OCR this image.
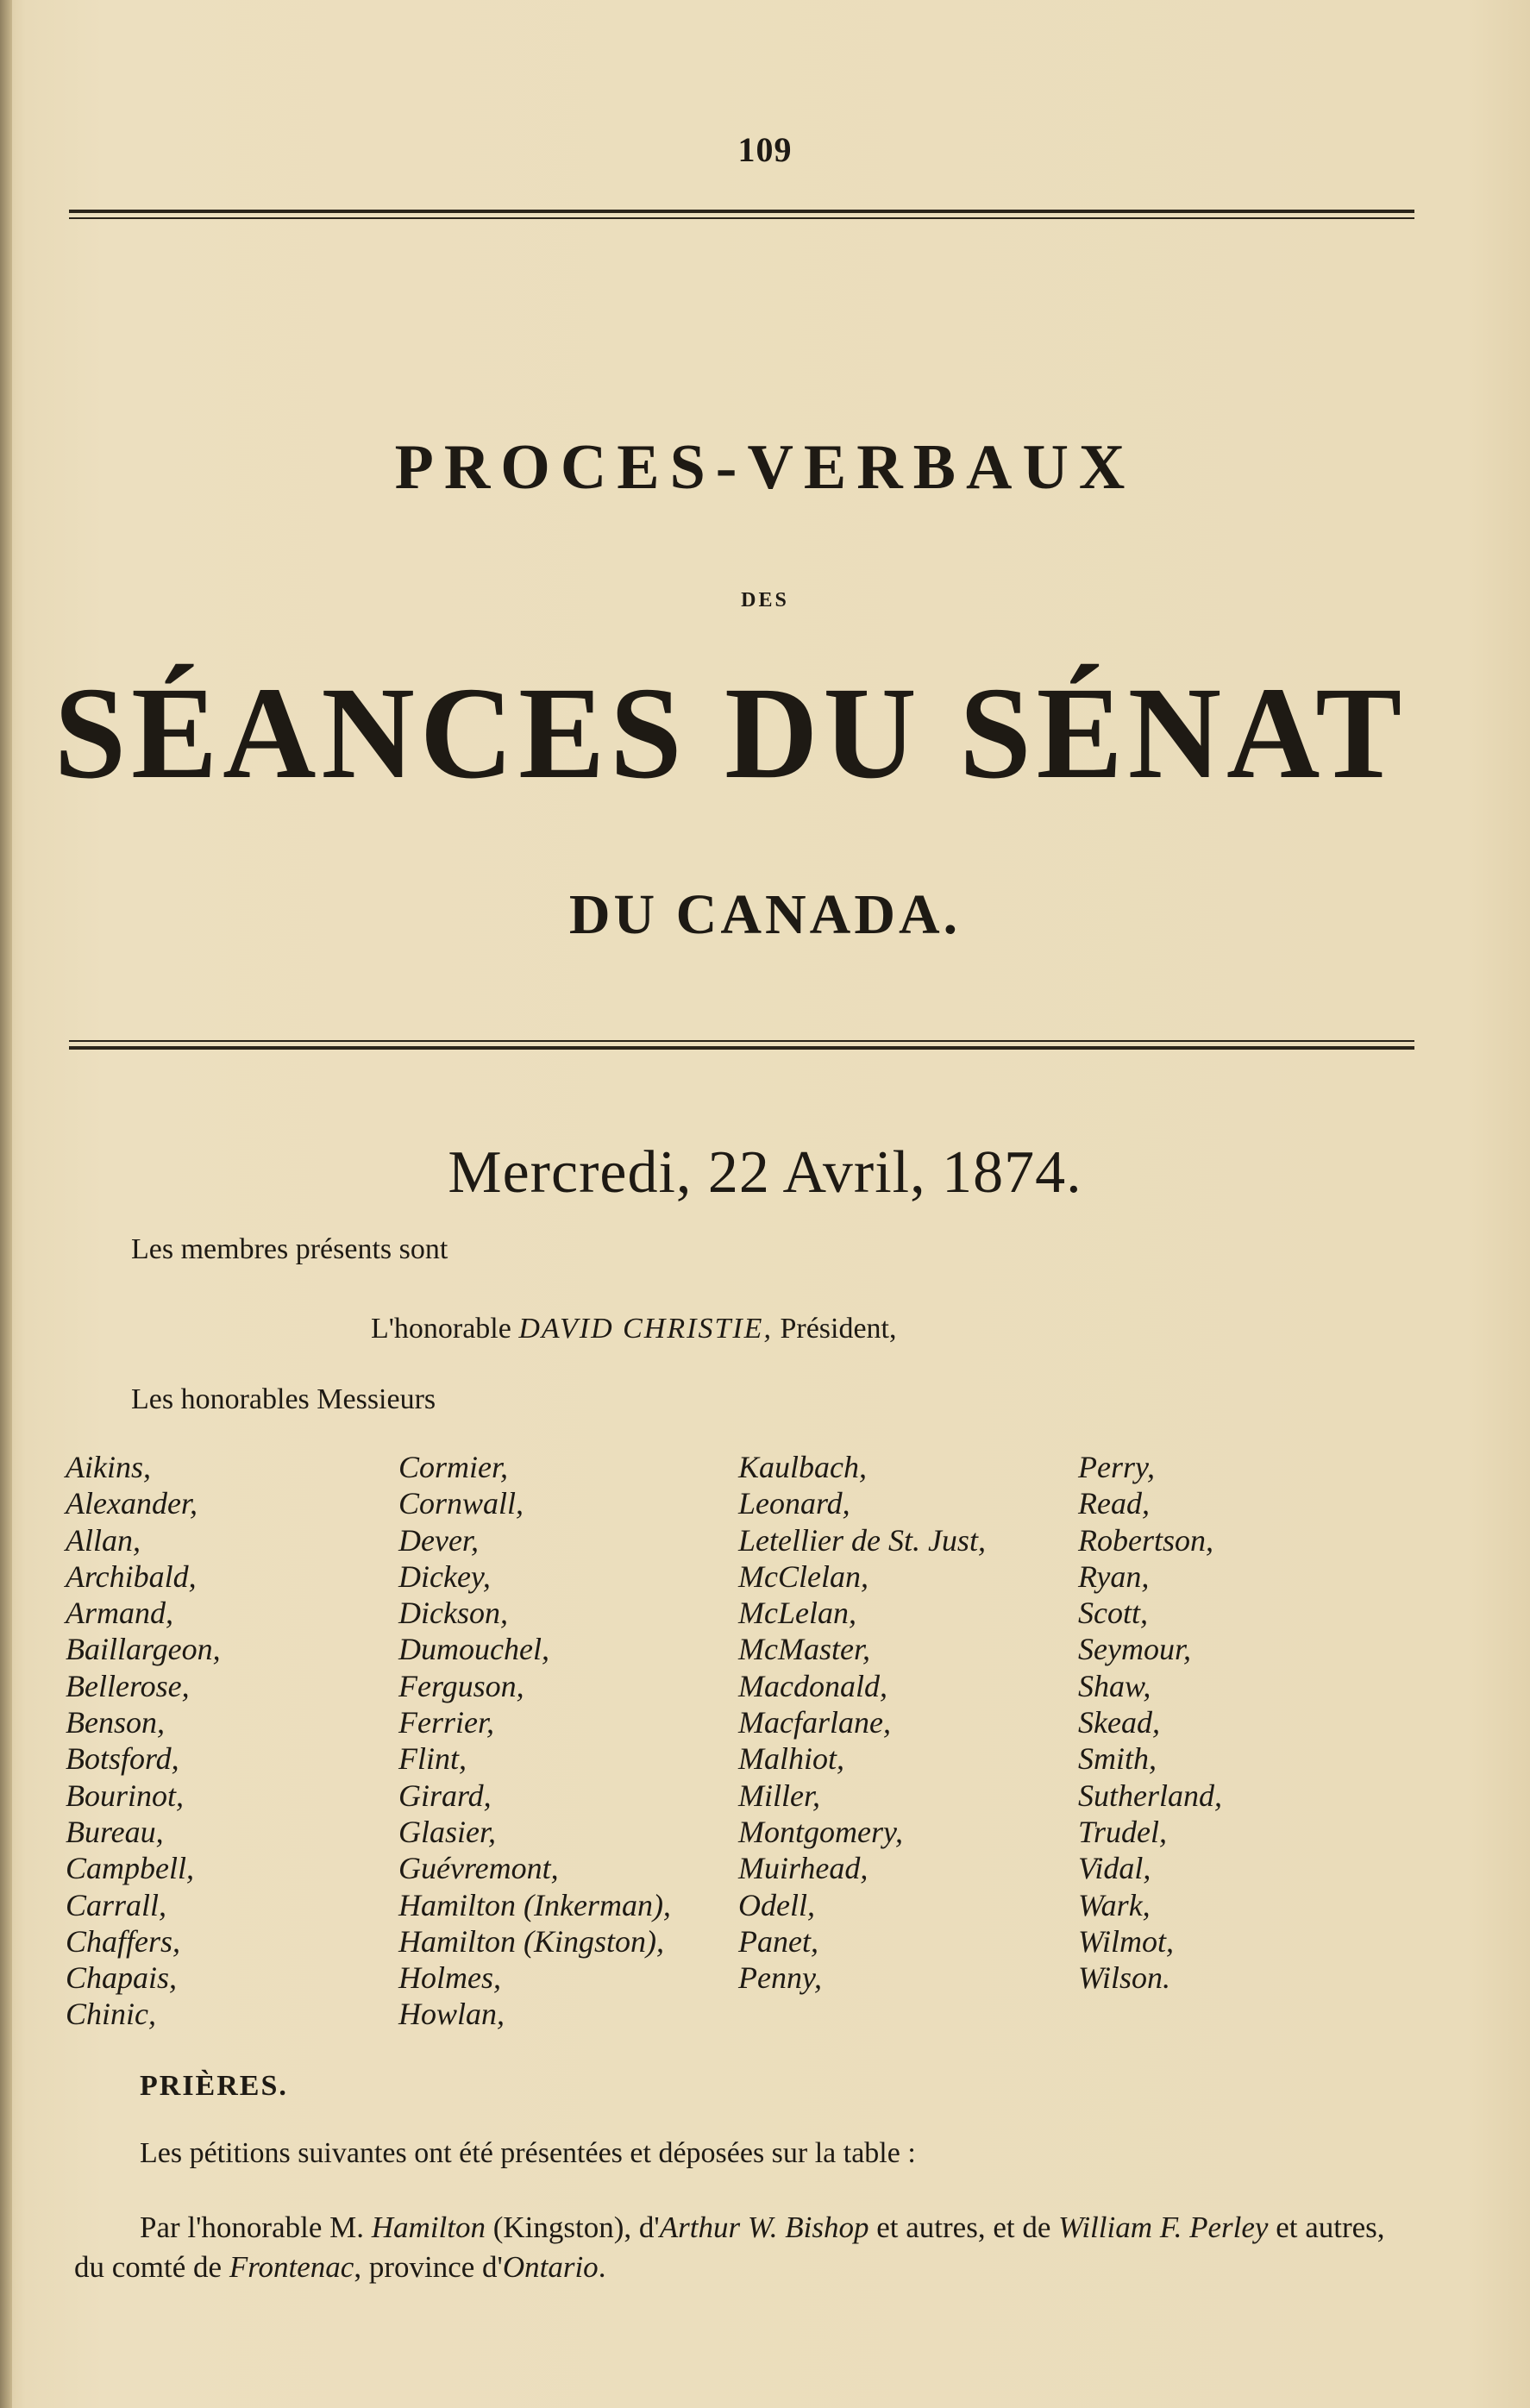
109
PROCES-VERBAUX
DES
SÉANCES DU SÉNAT
DU CANADA.
Mercredi, 22 Avril, 1874.
Les membres présents sont
L'honorable DAVID CHRISTIE, Président,
Les honorables Messieurs
Aikins,
Alexander,
Allan,
Archibald,
Armand,
Baillargeon,
Bellerose,
Benson,
Botsford,
Bourinot,
Bureau,
Campbell,
Carrall,
Chaffers,
Chapais,
Chinic,
Cormier,
Cornwall,
Dever,
Dickey,
Dickson,
Dumouchel,
Ferguson,
Ferrier,
Flint,
Girard,
Glasier,
Guévremont,
Hamilton (Inkerman),
Hamilton (Kingston),
Holmes,
Howlan,
Kaulbach,
Leonard,
Letellier de St. Just,
McClelan,
McLelan,
McMaster,
Macdonald,
Macfarlane,
Malhiot,
Miller,
Montgomery,
Muirhead,
Odell,
Panet,
Penny,
Perry,
Read,
Robertson,
Ryan,
Scott,
Seymour,
Shaw,
Skead,
Smith,
Sutherland,
Trudel,
Vidal,
Wark,
Wilmot,
Wilson.
PRIÈRES.
Les pétitions suivantes ont été présentées et déposées sur la table :
Par l'honorable M. Hamilton (Kingston), d'Arthur W. Bishop et autres, et de William F. Perley et autres, du comté de Frontenac, province d'Ontario.
